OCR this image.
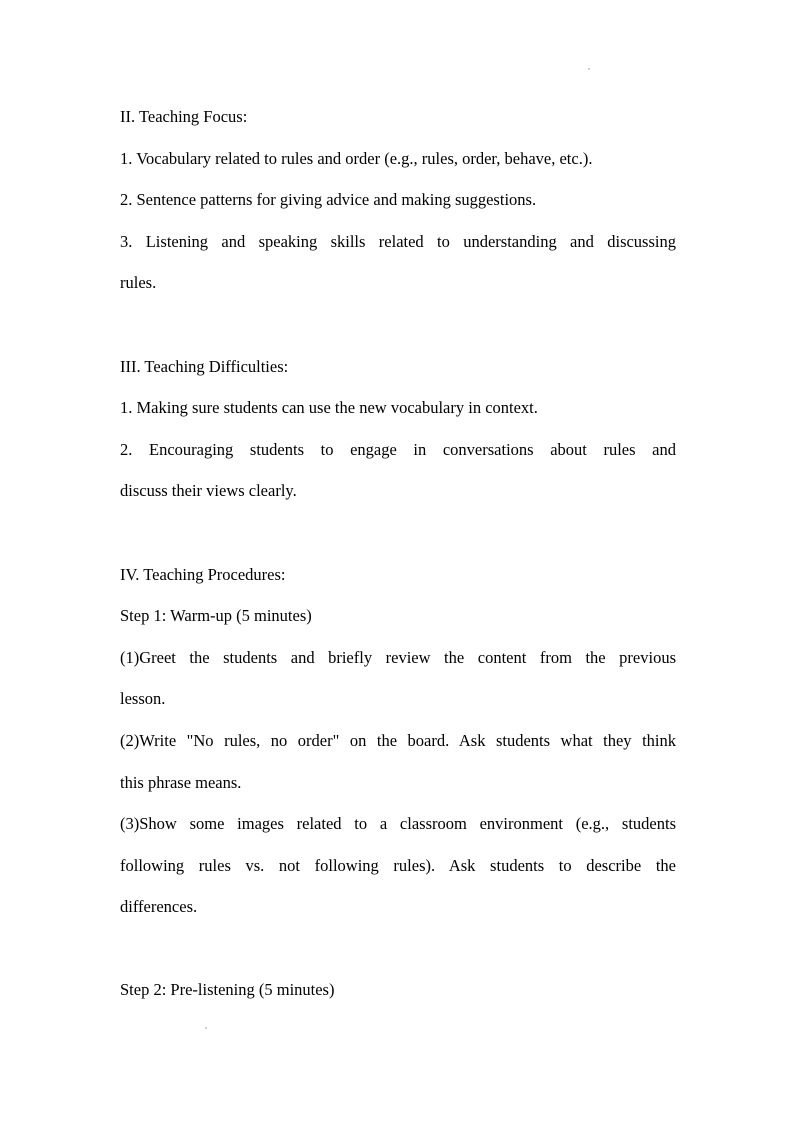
II. Teaching Focus:

1. Vocabulary related to rules and order (e.g., rules, order, behave, etc.).

2. Sentence patterns for giving advice and making suggestions.

3. Listening and speaking skills related to understanding and discussing

rules.

III. Teaching Difficulties:

1. Making sure students can use the new vocabulary in context.

2. Encouraging students to engage in conversations about rules and

discuss their views clearly.

IV. Teaching Procedures:

Step 1: Warm-up (5 minutes)

(1)Greet the students and briefly review the content from the previous

lesson.

(2)Write "No rules, no order" on the board. Ask students what they think

this phrase means.

(3)Show some images related to a classroom environment (e.g., students

following rules vs. not following rules). Ask students to describe the

differences.

Step 2: Pre-listening (5 minutes)
